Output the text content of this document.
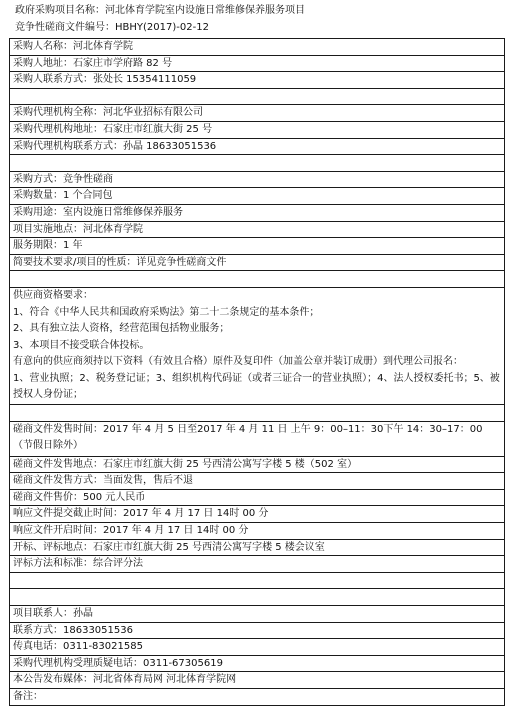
政府采购项目名称：河北体育学院室内设施日常维修保养服务项目
竞争性磋商文件编号：HBHY(2017)-02-12
采购人名称：河北体育学院
采购人地址：石家庄市学府路 82 号
采购人联系方式：张处长 15354111059
采购代理机构全称：河北华业招标有限公司
采购代理机构地址：石家庄市红旗大街 25 号
采购代理机构联系方式：孙晶 18633051536
采购方式：竞争性磋商
采购数量：1 个合同包
采购用途：室内设施日常维修保养服务
项目实施地点：河北体育学院
服务期限：1 年
简要技术要求/项目的性质：详见竞争性磋商文件
供应商资格要求：
1、符合《中华人民共和国政府采购法》第二十二条规定的基本条件；
2、具有独立法人资格，经营范围包括物业服务；
3、本项目不接受联合体投标。
有意向的供应商须持以下资料（有效且合格）原件及复印件（加盖公章并装订成册）到代理公司报名：
1、营业执照；2、税务登记证；3、组织机构代码证（或者三证合一的营业执照）；4、法人授权委托书；5、被授权人身份证；
磋商文件发售时间：2017 年 4 月 5 日至2017 年 4 月 11 日 上午 9：00–11：30下午 14：30–17：00（节假日除外）
磋商文件发售地点：石家庄市红旗大街 25 号西清公寓写字楼 5 楼（502 室）
磋商文件发售方式：当面发售，售后不退
磋商文件售价：500 元人民币
响应文件提交截止时间：2017 年 4 月 17 日 14时 00 分
响应文件开启时间：2017 年 4 月 17 日 14时 00 分
开标、评标地点：石家庄市红旗大街 25 号西清公寓写字楼 5 楼会议室
评标方法和标准：综合评分法
项目联系人：孙晶
联系方式：18633051536
传真电话：0311-83021585
采购代理机构受理质疑电话：0311-67305619
本公告发布媒体：河北省体育局网 河北体育学院网
备注：
